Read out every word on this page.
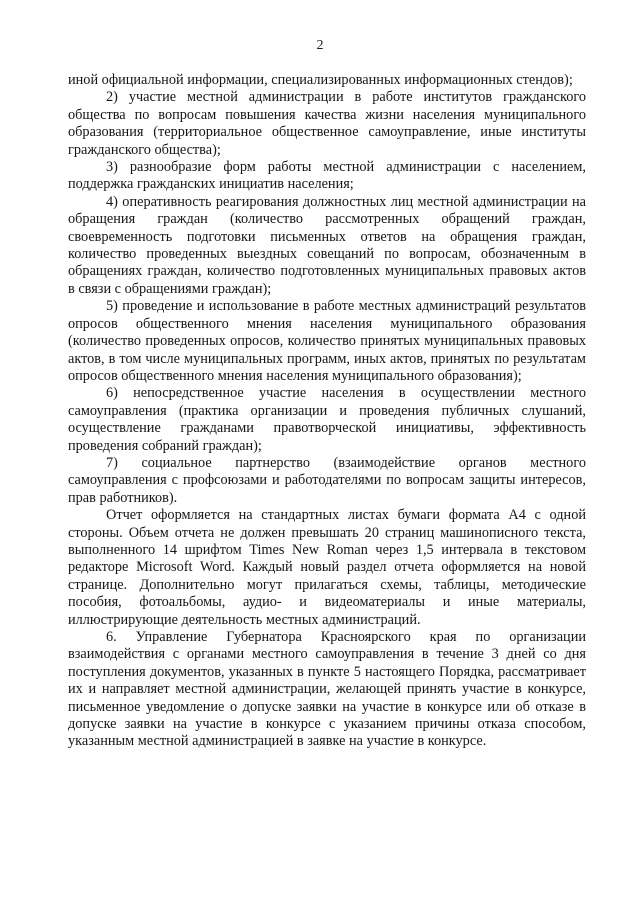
2

иной официальной информации, специализированных информационных стендов);

2) участие местной администрации в работе институтов гражданского общества по вопросам повышения качества жизни населения муниципального образования (территориальное общественное самоуправление, иные институты гражданского общества);

3) разнообразие форм работы местной администрации с населением, поддержка гражданских инициатив населения;

4) оперативность реагирования должностных лиц местной администрации на обращения граждан (количество рассмотренных обращений граждан, своевременность подготовки письменных ответов на обращения граждан, количество проведенных выездных совещаний по вопросам, обозначенным в обращениях граждан, количество подготовленных муниципальных правовых актов в связи с обращениями граждан);

5) проведение и использование в работе местных администраций результатов опросов общественного мнения населения муниципального образования (количество проведенных опросов, количество принятых муниципальных правовых актов, в том числе муниципальных программ, иных актов, принятых по результатам опросов общественного мнения населения муниципального образования);

6) непосредственное участие населения в осуществлении местного самоуправления (практика организации и проведения публичных слушаний, осуществление гражданами правотворческой инициативы, эффективность проведения собраний граждан);

7) социальное партнерство (взаимодействие органов местного самоуправления с профсоюзами и работодателями по вопросам защиты интересов, прав работников).

Отчет оформляется на стандартных листах бумаги формата А4 с одной стороны. Объем отчета не должен превышать 20 страниц машинописного текста, выполненного 14 шрифтом Times New Roman через 1,5 интервала в текстовом редакторе Microsoft Word. Каждый новый раздел отчета оформляется на новой странице. Дополнительно могут прилагаться схемы, таблицы, методические пособия, фотоальбомы, аудио- и видеоматериалы и иные материалы, иллюстрирующие деятельность местных администраций.

6. Управление Губернатора Красноярского края по организации взаимодействия с органами местного самоуправления в течение 3 дней со дня поступления документов, указанных в пункте 5 настоящего Порядка, рассматривает их и направляет местной администрации, желающей принять участие в конкурсе, письменное уведомление о допуске заявки на участие в конкурсе или об отказе в допуске заявки на участие в конкурсе с указанием причины отказа способом, указанным местной администрацией в заявке на участие в конкурсе.
